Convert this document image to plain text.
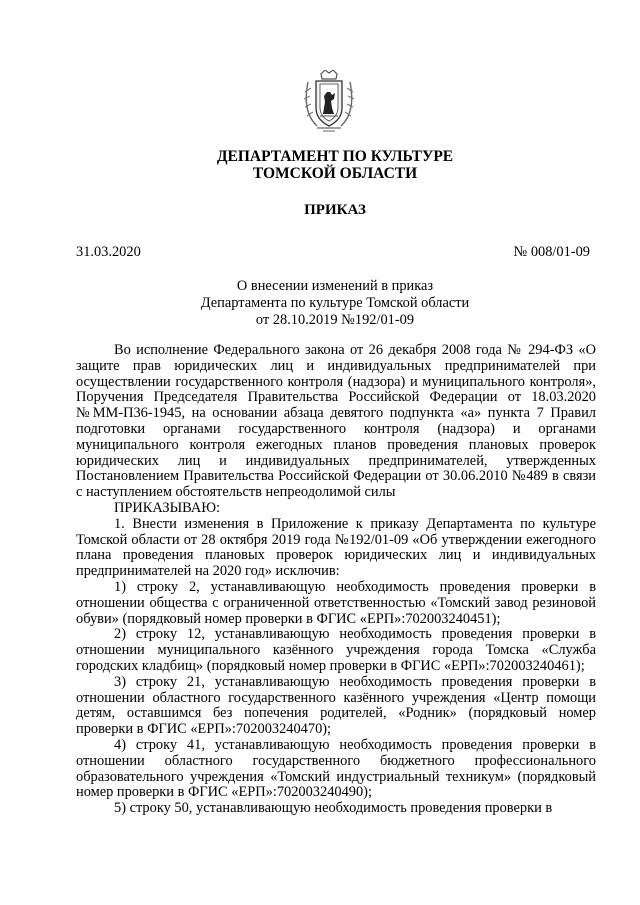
ДЕПАРТАМЕНТ ПО КУЛЬТУРЕ
ТОМСКОЙ ОБЛАСТИ
ПРИКАЗ
31.03.2020	№ 008/01-09
О внесении изменений в приказ
Департамента по культуре Томской области
от 28.10.2019 №192/01-09

Во исполнение Федерального закона от 26 декабря 2008 года № 294-ФЗ «О защите прав юридических лиц и индивидуальных предпринимателей при осуществлении государственного контроля (надзора) и муниципального контроля», Поручения Председателя Правительства Российской Федерации от 18.03.2020 №ММ-П36-1945, на основании абзаца девятого подпункта «а» пункта 7 Правил подготовки органами государственного контроля (надзора) и органами муниципального контроля ежегодных планов проведения плановых проверок юридических лиц и индивидуальных предпринимателей, утвержденных Постановлением Правительства Российской Федерации от 30.06.2010 №489 в связи с наступлением обстоятельств непреодолимой силы

ПРИКАЗЫВАЮ:

1. Внести изменения в Приложение к приказу Департамента по культуре Томской области от 28 октября 2019 года №192/01-09 «Об утверждении ежегодного плана проведения плановых проверок юридических лиц и индивидуальных предпринимателей на 2020 год» исключив:

1) строку 2, устанавливающую необходимость проведения проверки в отношении общества с ограниченной ответственностью «Томский завод резиновой обуви» (порядковый номер проверки в ФГИС «ЕРП»:702003240451);

2) строку 12, устанавливающую необходимость проведения проверки в отношении муниципального казённого учреждения города Томска «Служба городских кладбищ» (порядковый номер проверки в ФГИС «ЕРП»:702003240461);

3) строку 21, устанавливающую необходимость проведения проверки в отношении областного государственного казённого учреждения «Центр помощи детям, оставшимся без попечения родителей, «Родник» (порядковый номер проверки в ФГИС «ЕРП»:702003240470);

4) строку 41, устанавливающую необходимость проведения проверки в отношении областного государственного бюджетного профессионального образовательного учреждения «Томский индустриальный техникум» (порядковый номер проверки в ФГИС «ЕРП»:702003240490);

5) строку 50, устанавливающую необходимость проведения проверки в
